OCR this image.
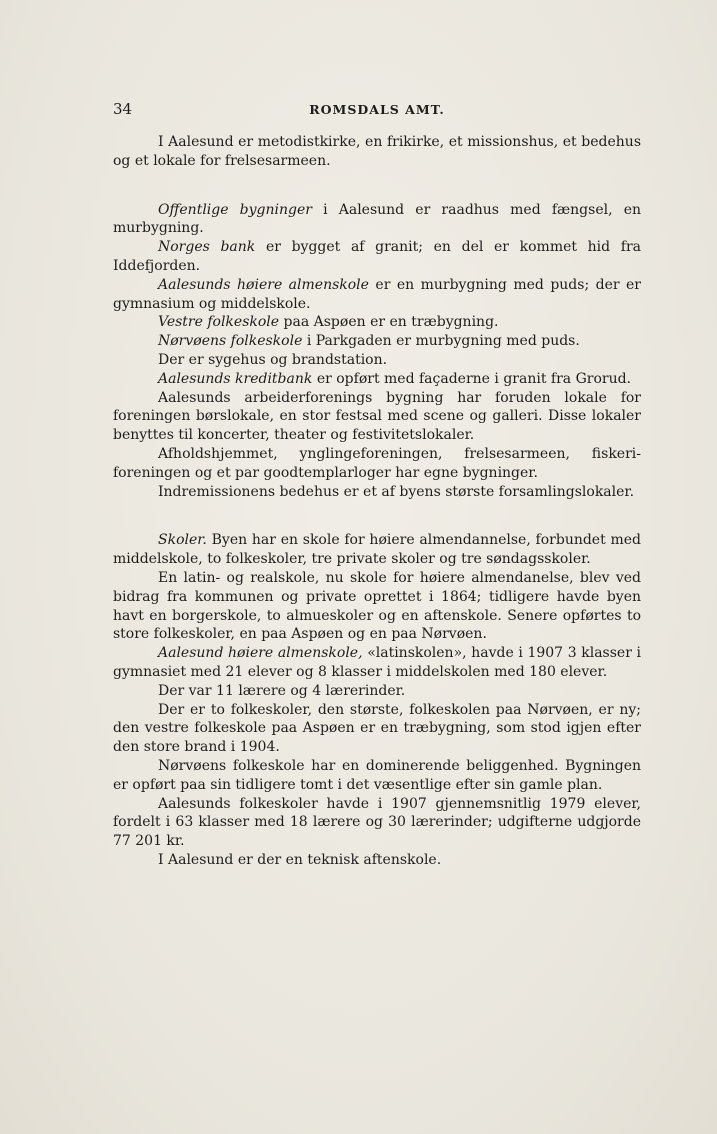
34	ROMSDALS AMT.

I Aalesund er metodistkirke, en frikirke, et missionshus, et bedehus og et lokale for frelsesarmeen.

Offentlige bygninger i Aalesund er raadhus med fængsel, en murbygning.

Norges bank er bygget af granit; en del er kommet hid fra Iddefjorden.

Aalesunds høiere almenskole er en murbygning med puds; der er gymnasium og middelskole.

Vestre folkeskole paa Aspøen er en træbygning.

Nørvøens folkeskole i Parkgaden er murbygning med puds.

Der er sygehus og brandstation.

Aalesunds kreditbank er opført med façaderne i granit fra Grorud.

Aalesunds arbeiderforenings bygning har foruden lokale for foreningen børslokale, en stor festsal med scene og galleri. Disse lokaler benyttes til koncerter, theater og festivitetslokaler.

Afholdshjemmet, ynglingeforeningen, frelsesarmeen, fiskeriforeningen og et par goodtemplarloger har egne bygninger.

Indremissionens bedehus er et af byens største forsamlingslokaler.

Skoler. Byen har en skole for høiere almendannelse, forbundet med middelskole, to folkeskoler, tre private skoler og tre søndagsskoler.

En latin- og realskole, nu skole for høiere almendanelse, blev ved bidrag fra kommunen og private oprettet i 1864; tidligere havde byen havt en borgerskole, to almueskoler og en aftenskole. Senere opførtes to store folkeskoler, en paa Aspøen og en paa Nørvøen.

Aalesund høiere almenskole, «latinskolen», havde i 1907 3 klasser i gymnasiet med 21 elever og 8 klasser i middelskolen med 180 elever.

Der var 11 lærere og 4 lærerinder.

Der er to folkeskoler, den største, folkeskolen paa Nørvøen, er ny; den vestre folkeskole paa Aspøen er en træbygning, som stod igjen efter den store brand i 1904.

Nørvøens folkeskole har en dominerende beliggenhed. Bygningen er opført paa sin tidligere tomt i det væsentlige efter sin gamle plan.

Aalesunds folkeskoler havde i 1907 gjennemsnitlig 1979 elever, fordelt i 63 klasser med 18 lærere og 30 lærerinder; udgifterne udgjorde 77 201 kr.

I Aalesund er der en teknisk aftenskole.
